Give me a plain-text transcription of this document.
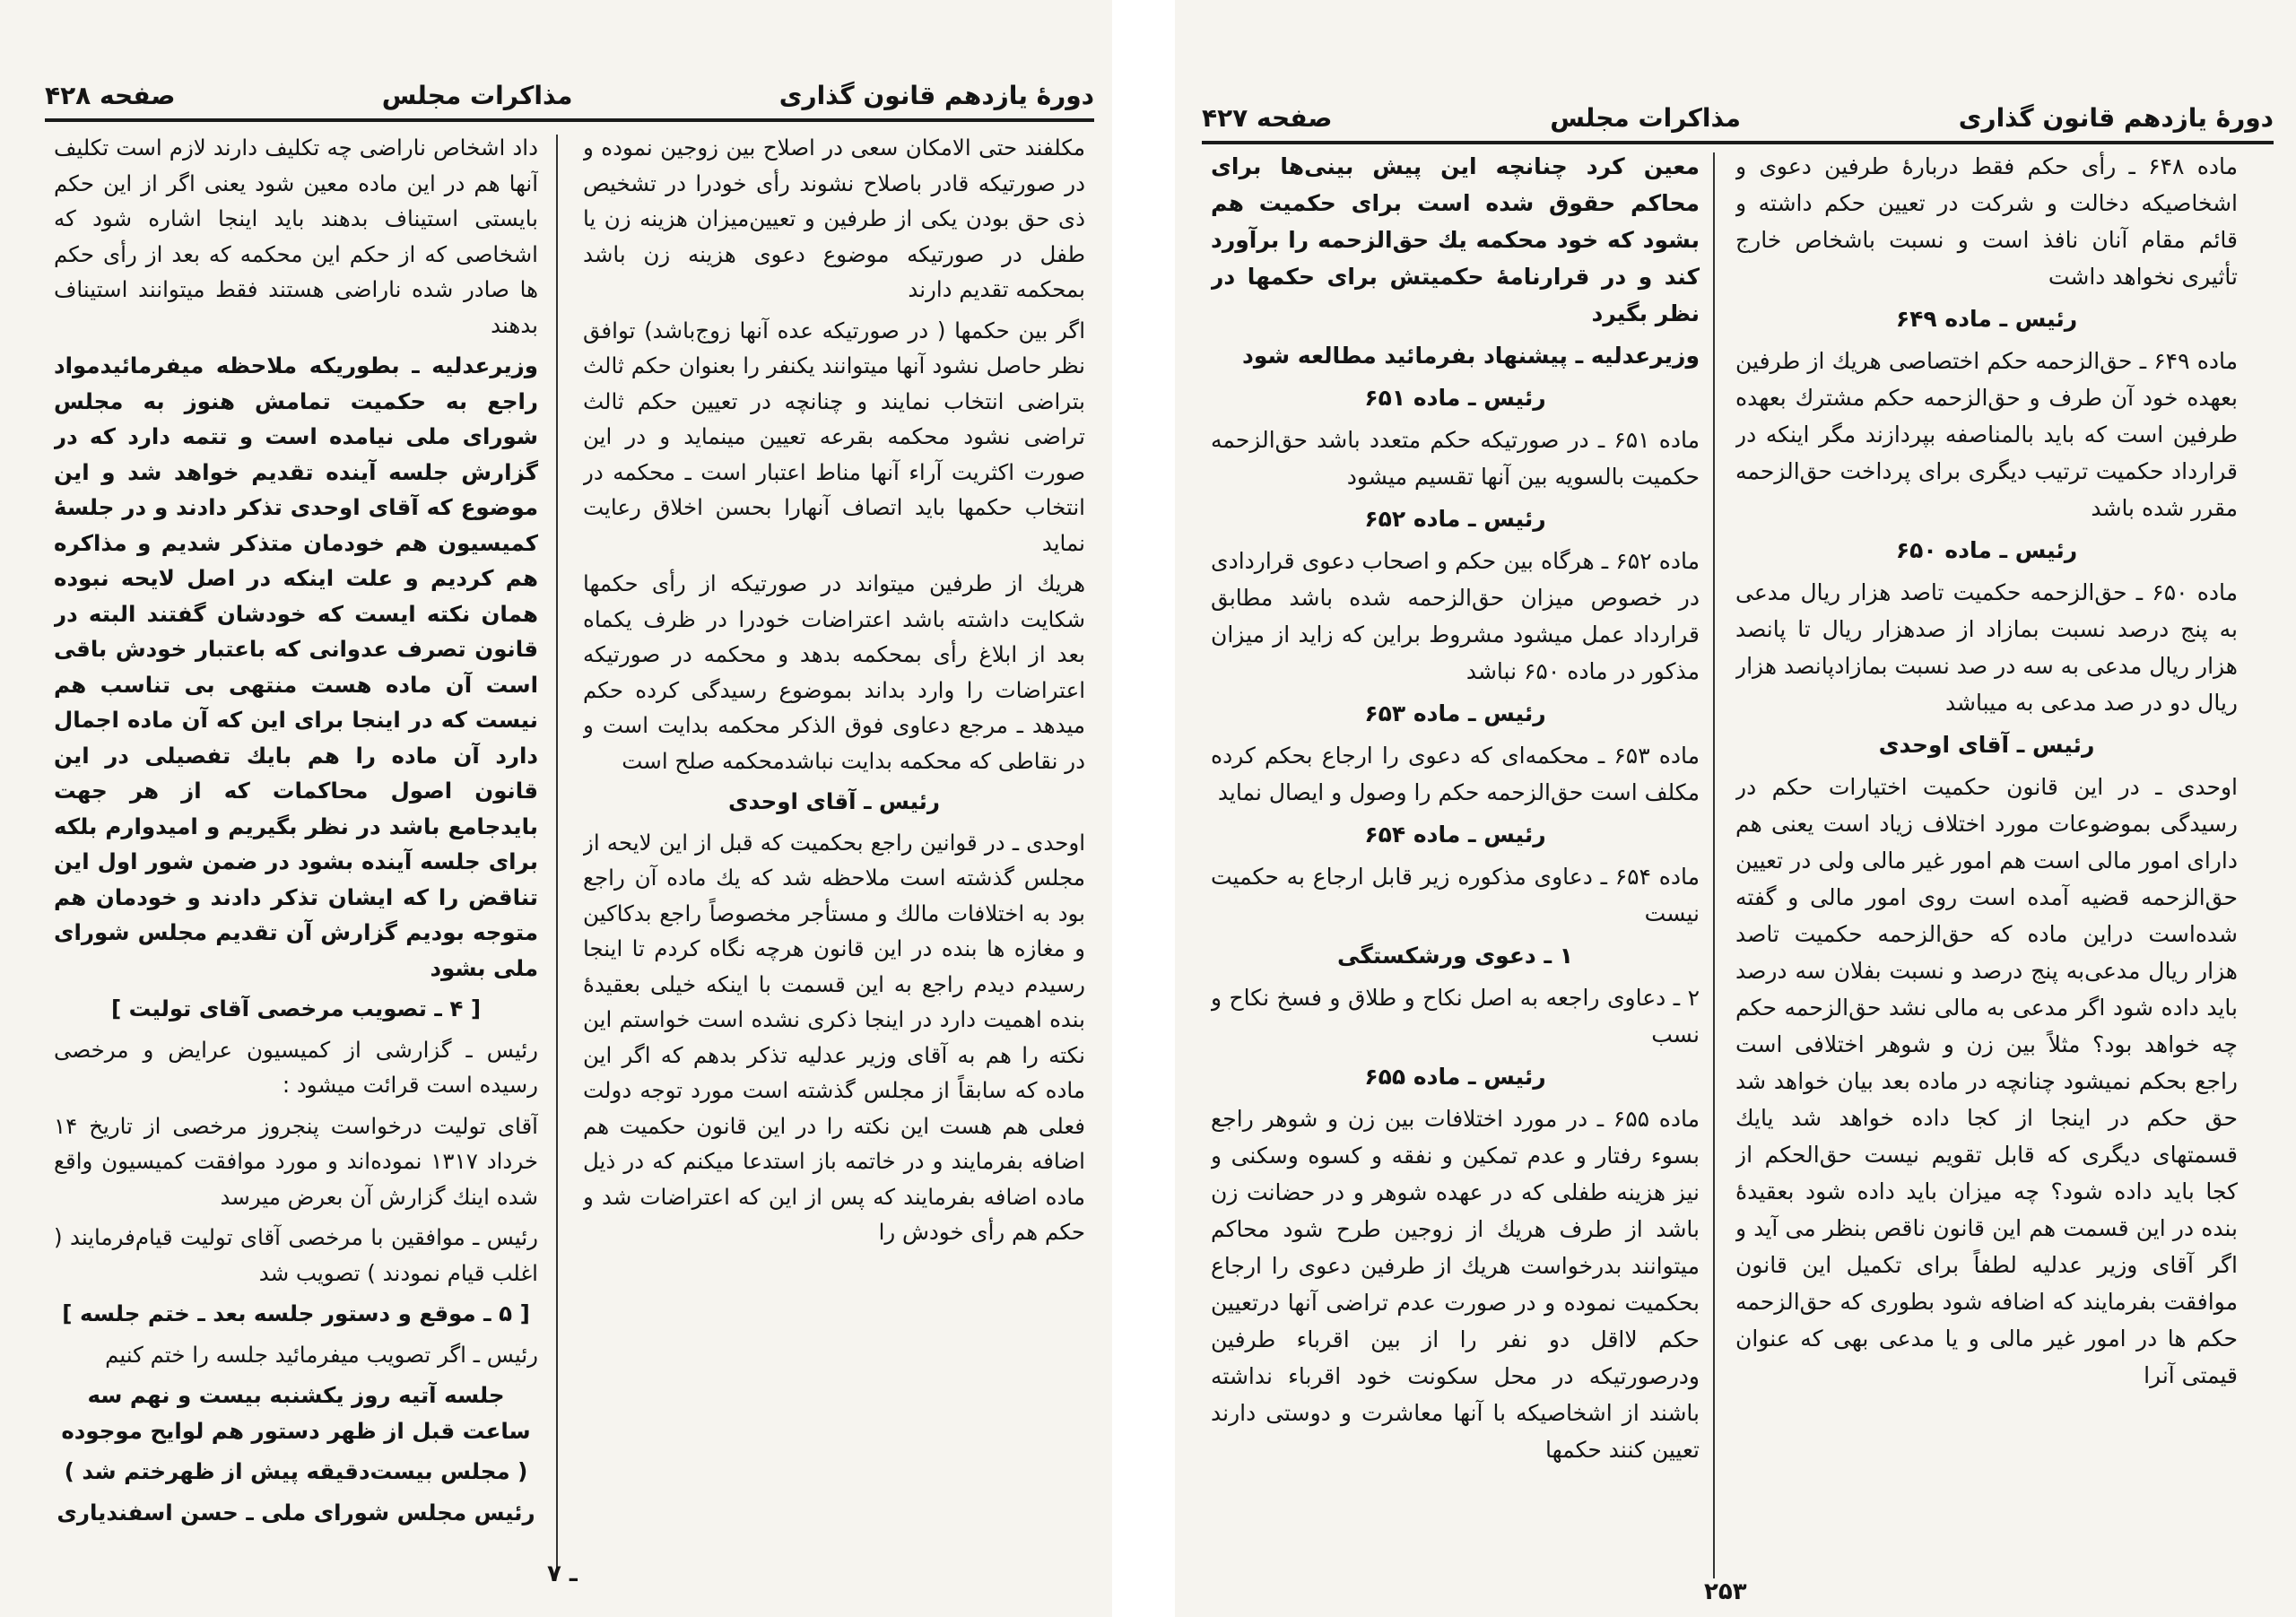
دورهٔ یازدهم قانون گذاری
مذاکرات مجلس
صفحه ۴۲۸

مکلفند حتی الامکان سعی در اصلاح بین زوجین نموده و در صورتیکه قادر باصلاح نشوند رأی خودرا در تشخیص ذی حق بودن یکی از طرفین و تعیین‌میزان هزینه زن یا طفل در صورتیکه موضوع دعوی هزینه زن باشد بمحکمه تقدیم دارند

اگر بین حکمها ( در صورتیکه عده آنها زوج‌باشد) توافق نظر حاصل نشود آنها میتوانند یکنفر را بعنوان حکم ثالث بتراضی انتخاب نمایند و چنانچه در تعیین حکم ثالث تراضی نشود محکمه بقرعه تعیین مینماید و در این صورت اکثریت آراء آنها مناط اعتبار است ـ محکمه در انتخاب حکمها باید اتصاف آنهارا بحسن اخلاق رعایت نماید

هریك از طرفین میتواند در صورتیکه از رأی حکمها شکایت داشته باشد اعتراضات خودرا در ظرف یکماه بعد از ابلاغ رأی بمحکمه بدهد و محکمه در صورتیکه اعتراضات را وارد بداند بموضوع رسیدگی کرده حکم میدهد ـ مرجع دعاوی فوق الذکر محکمه بدایت است و در نقاطی که محکمه بدایت نباشدمحکمه صلح است

رئیس ـ آقای اوحدی

اوحدی ـ در قوانین راجع بحکمیت که قبل از این لایحه از مجلس گذشته است ملاحظه شد که یك ماده آن راجع بود به اختلافات مالك و مستأجر مخصوصاً راجع بدکاکین و مغازه ها بنده در این قانون هرچه نگاه کردم تا اینجا رسیدم دیدم راجع به این قسمت با اینکه خیلی بعقیدهٔ بنده اهمیت دارد در اینجا ذکری نشده است خواستم این نکته را هم به آقای وزیر عدلیه تذکر بدهم که اگر این ماده که سابقاً از مجلس گذشته است مورد توجه دولت فعلی هم هست این نکته را در این قانون حکمیت هم اضافه بفرمایند و در خاتمه باز استدعا میکنم که در ذیل ماده اضافه بفرمایند که پس از این که اعتراضات شد و حکم هم رأی خودش را

داد اشخاص ناراضی چه تکلیف دارند لازم است تکلیف آنها هم در این ماده معین شود یعنی اگر از این حکم بایستی استیناف بدهند باید اینجا اشاره شود که اشخاصی که از حکم این محکمه که بعد از رأی حکم ها صادر شده ناراضی هستند فقط میتوانند استیناف بدهند

وزیرعدلیه ـ بطوریکه ملاحظه میفرمائید‌مواد راجع به حکمیت تمامش هنوز به مجلس شورای ملی نیامده است و تتمه دارد که در گزارش جلسه آینده تقدیم خواهد شد و این موضوع که آقای اوحدی تذکر دادند و در جلسهٔ کمیسیون هم خودمان متذکر شدیم و مذاکره هم کردیم و علت اینکه در اصل لایحه نبوده همان نکته ایست که خودشان گفتند البته در قانون تصرف عدوانی که باعتبار خودش باقی است آن ماده هست منتهی بی تناسب هم نیست که در اینجا برای این که آن ماده اجمال دارد آن ماده را هم بایك تفصیلی در این قانون اصول محاکمات که از هر جهت بایدجامع باشد در نظر بگیریم و امیدوارم بلکه برای جلسه آینده بشود در ضمن شور اول این تناقض را که ایشان تذکر دادند و خودمان هم متوجه بودیم گزارش آن تقدیم مجلس شورای ملی بشود

[ ۴ ـ تصویب مرخصی آقای تولیت ]

رئیس ـ گزارشی از کمیسیون عرایض و مرخصی رسیده است قرائت میشود :

آقای تولیت درخواست پنجروز مرخصی از تاریخ ۱۴ خرداد ۱۳۱۷ نموده‌اند و مورد موافقت کمیسیون واقع شده اینك گزارش آن بعرض میرسد

رئیس ـ موافقین با مرخصی آقای تولیت قیام‌فرمایند ( اغلب قیام نمودند ) تصویب شد

[ ۵ ـ موقع و دستور جلسه بعد ـ ختم جلسه ]

رئیس ـ اگر تصویب میفرمائید جلسه را ختم کنیم

جلسه آتیه روز یکشنبه بیست و نهم سه ساعت قبل از ظهر دستور هم لوایح موجوده

( مجلس بیست‌دقیقه پیش از ظهرختم شد )

رئیس مجلس شورای ملی ـ حسن اسفندیاری

۷ ـ
دورهٔ یازدهم قانون گذاری
مذاکرات مجلس
صفحه ۴۲۷

ماده ۶۴۸ ـ رأی حکم فقط دربارهٔ طرفین دعوی و اشخاصیکه دخالت و شرکت در تعیین حکم داشته و قائم مقام آنان نافذ است و نسبت باشخاص خارج تأثیری نخواهد داشت

رئیس ـ ماده ۶۴۹

ماده ۶۴۹ ـ حق‌الزحمه حکم اختصاصی هریك از طرفین بعهده خود آن طرف و حق‌الزحمه حکم مشترك بعهده طرفین است که باید بالمناصفه بپردازند مگر اینکه در قرارداد حکمیت ترتیب دیگری برای پرداخت حق‌الزحمه مقرر شده باشد

رئیس ـ ماده ۶۵۰

ماده ۶۵۰ ـ حق‌الزحمه حکمیت تاصد هزار ریال مدعی به پنج درصد نسبت بمازاد از صدهزار ریال تا پانصد هزار ریال مدعی به سه در صد نسبت بمازادپانصد هزار ریال دو در صد مدعی به میباشد

رئیس ـ آقای اوحدی

اوحدی ـ در این قانون حکمیت اختیارات حکم در رسیدگی بموضوعات مورد اختلاف زیاد است یعنی هم دارای امور مالی است هم امور غیر مالی ولی در تعیین حق‌الزحمه قضیه آمده است روی امور مالی و گفته شده‌است دراین ماده که حق‌الزحمه حکمیت تاصد هزار ریال مدعی‌به پنج درصد و نسبت بفلان سه درصد باید داده شود اگر مدعی به مالی نشد حق‌الزحمه حکم چه خواهد بود؟ مثلاً بین زن و شوهر اختلافی است راجع بحکم نمیشود چنانچه در ماده بعد بیان خواهد شد حق حکم در اینجا از کجا داده خواهد شد یایك قسمتهای دیگری که قابل تقویم نیست حق‌الحکم از کجا باید داده شود؟ چه میزان باید داده شود بعقیدهٔ بنده در این قسمت هم این قانون ناقص بنظر می آید و اگر آقای وزیر عدلیه لطفاً برای تکمیل این قانون موافقت بفرمایند که اضافه شود بطوری که حق‌الزحمه حکم ها در امور غیر مالی و یا مدعی بهی که عنوان قیمتی آنرا

معین کرد چنانچه این پیش بینی‌ها برای محاکم حقوق شده است برای حکمیت هم بشود که خود محکمه یك حق‌الزحمه را برآورد کند و در قرارنامهٔ حکمیتش برای حکمها در نظر بگیرد

وزیرعدلیه ـ پیشنهاد بفرمائید مطالعه شود

رئیس ـ ماده ۶۵۱

ماده ۶۵۱ ـ در صورتیکه حکم متعدد باشد حق‌الزحمه حکمیت بالسویه بین آنها تقسیم میشود

رئیس ـ ماده ۶۵۲

ماده ۶۵۲ ـ هرگاه بین حکم و اصحاب دعوی قراردادی در خصوص میزان حق‌الزحمه شده باشد مطابق قرارداد عمل میشود مشروط براین که زاید از میزان مذکور در ماده ۶۵۰ نباشد

رئیس ـ ماده ۶۵۳

ماده ۶۵۳ ـ محکمه‌ای که دعوی را ارجاع بحکم کرده مکلف است حق‌الزحمه حکم را وصول و ایصال نماید

رئیس ـ ماده ۶۵۴

ماده ۶۵۴ ـ دعاوی مذکوره زیر قابل ارجاع به حکمیت نیست

۱ ـ دعوی ورشکستگی

۲ ـ دعاوی راجعه به اصل نکاح و طلاق و فسخ نکاح و نسب

رئیس ـ ماده ۶۵۵

ماده ۶۵۵ ـ در مورد اختلافات بین زن و شوهر راجع بسوء رفتار و عدم تمکین و نفقه و کسوه وسکنی و نیز هزینه طفلی که در عهده شوهر و در حضانت زن باشد از طرف هریك از زوجین طرح شود محاکم میتوانند بدرخواست هریك از طرفین دعوی را ارجاع بحکمیت نموده و در صورت عدم تراضی آنها درتعیین حکم لااقل دو نفر را از بین اقرباء طرفین ودرصورتیکه در محل سکونت خود اقرباء نداشته باشند از اشخاصیکه با آنها معاشرت و دوستی دارند تعیین کنند حکمها

۲۵۳
